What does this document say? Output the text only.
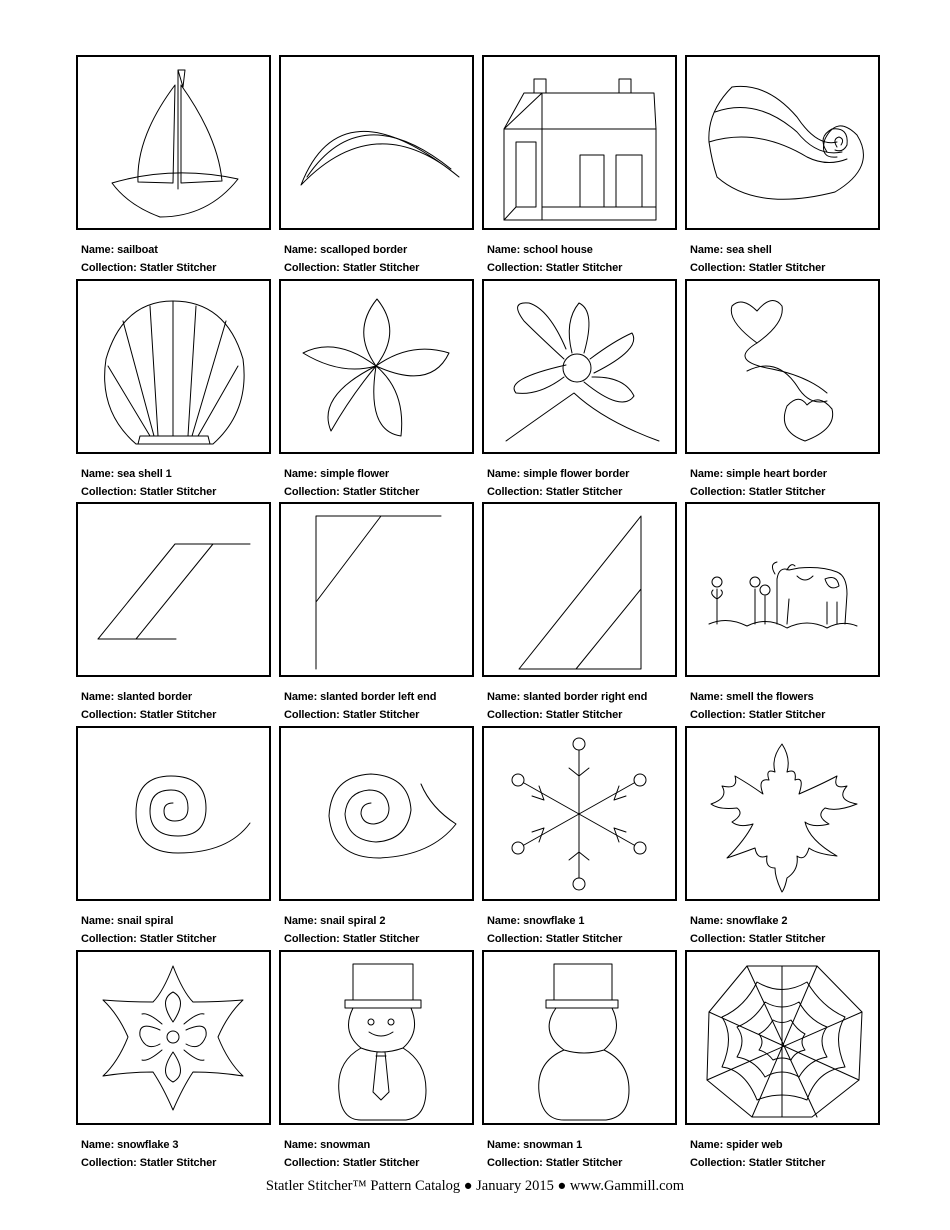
Name: sailboat
Collection: Statler Stitcher
Name: scalloped border
Collection: Statler Stitcher
Name: school house
Collection: Statler Stitcher
Name: sea shell
Collection: Statler Stitcher
Name: sea shell 1
Collection: Statler Stitcher
Name: simple flower
Collection: Statler Stitcher
Name: simple flower border
Collection: Statler Stitcher
Name: simple heart border
Collection: Statler Stitcher
Name: slanted border
Collection: Statler Stitcher
Name: slanted border left end
Collection: Statler Stitcher
Name: slanted border right end
Collection: Statler Stitcher
Name: smell the flowers
Collection: Statler Stitcher
Name: snail spiral
Collection: Statler Stitcher
Name: snail spiral 2
Collection: Statler Stitcher
Name: snowflake 1
Collection: Statler Stitcher
Name: snowflake 2
Collection: Statler Stitcher
Name: snowflake 3
Collection: Statler Stitcher
Name: snowman
Collection: Statler Stitcher
Name: snowman 1
Collection: Statler Stitcher
Name: spider web
Collection: Statler Stitcher
Statler Stitcher™ Pattern Catalog ● January 2015 ● www.Gammill.com
